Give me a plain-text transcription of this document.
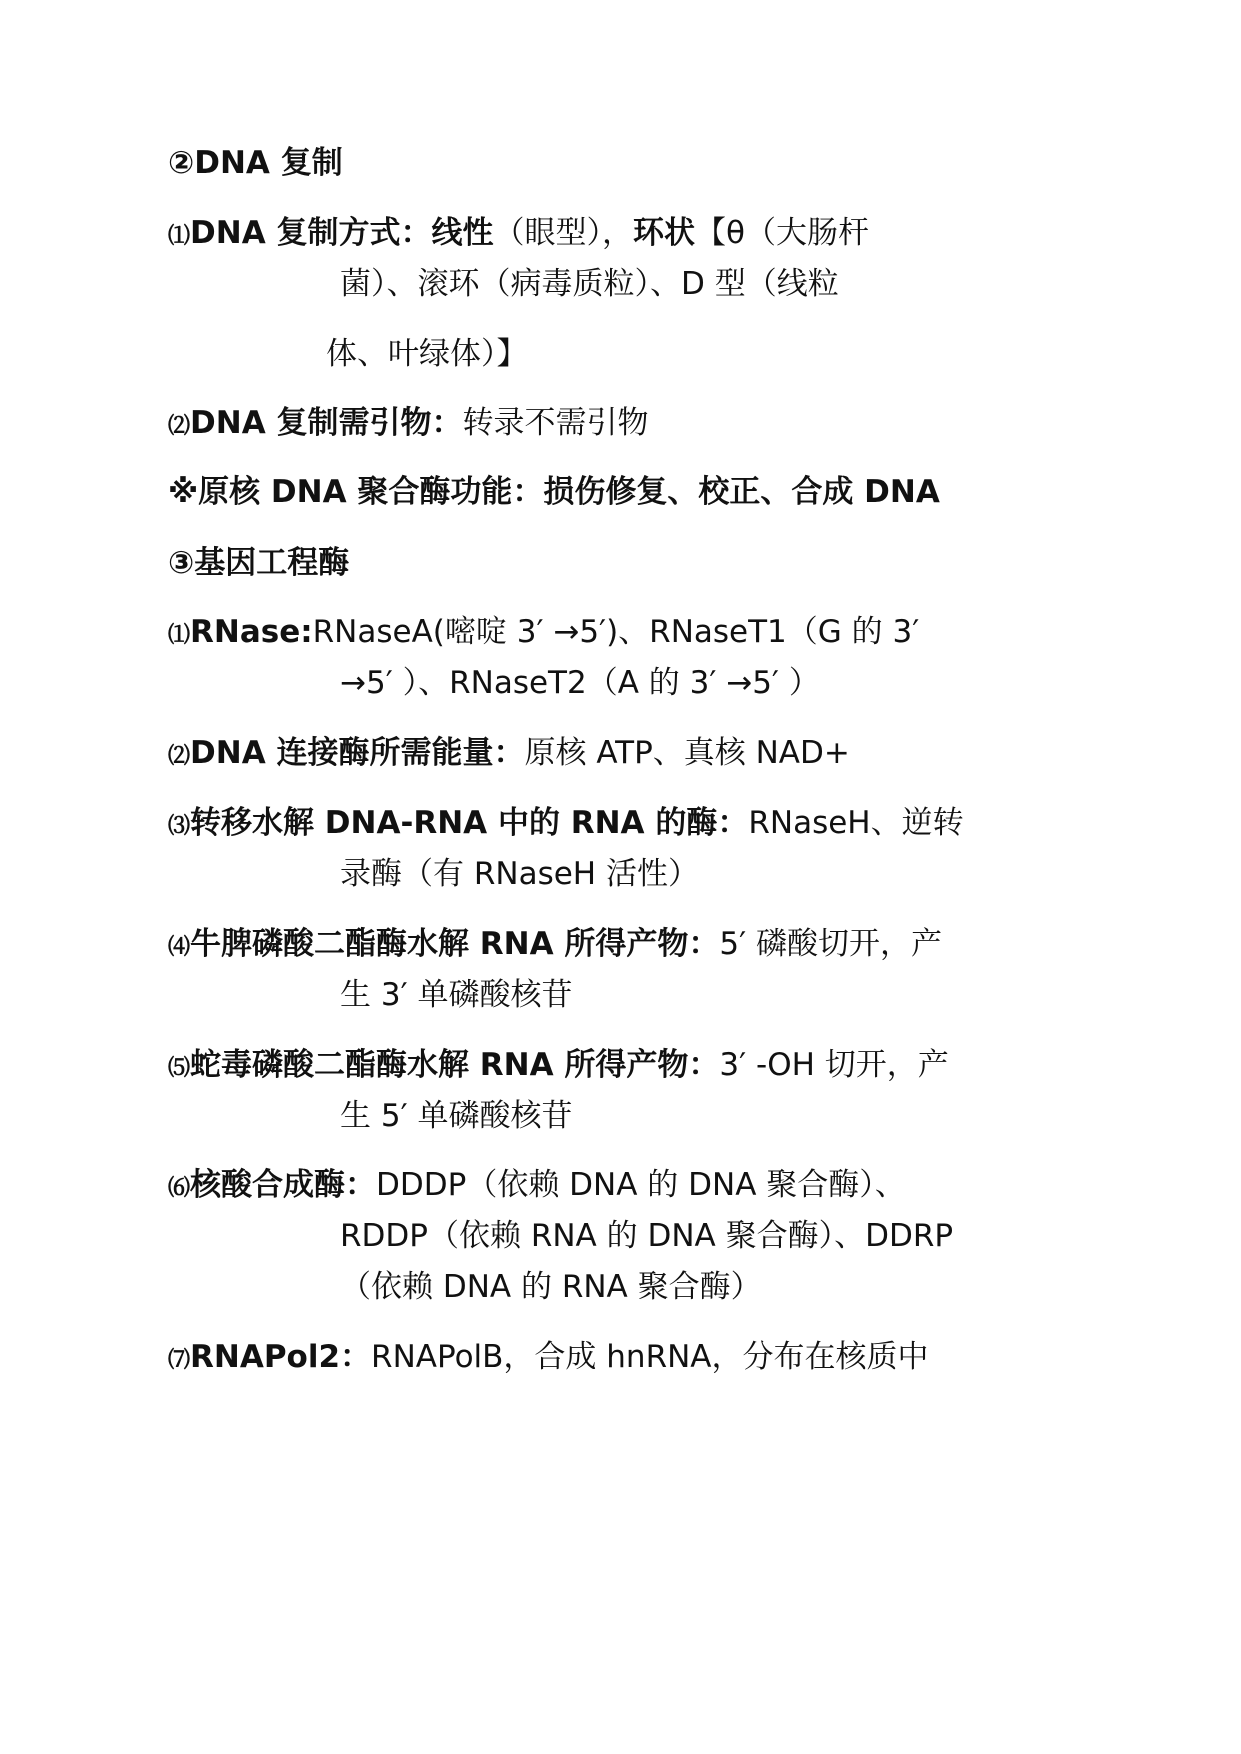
②DNA 复制
⑴DNA 复制方式：线性（眼型），环状【θ（大肠杆
菌）、滚环（病毒质粒）、D 型（线粒
体、叶绿体）】
⑵DNA 复制需引物：转录不需引物
※原核 DNA 聚合酶功能：损伤修复、校正、合成 DNA
③基因工程酶
⑴RNase:RNaseA(嘧啶 3′ →5′)、RNaseT1（G 的 3′
→5′ ）、RNaseT2（A 的 3′ →5′ ）
⑵DNA 连接酶所需能量：原核 ATP、真核 NAD+
⑶转移水解 DNA-RNA 中的 RNA 的酶：RNaseH、逆转
录酶（有 RNaseH 活性）
⑷牛脾磷酸二酯酶水解 RNA 所得产物：5′ 磷酸切开，产
生 3′ 单磷酸核苷
⑸蛇毒磷酸二酯酶水解 RNA 所得产物：3′ -OH 切开，产
生 5′ 单磷酸核苷
⑹核酸合成酶：DDDP（依赖 DNA 的 DNA 聚合酶）、
RDDP（依赖 RNA 的 DNA 聚合酶）、DDRP
（依赖 DNA 的 RNA 聚合酶）
⑺RNAPol2：RNAPolB，合成 hnRNA，分布在核质中
